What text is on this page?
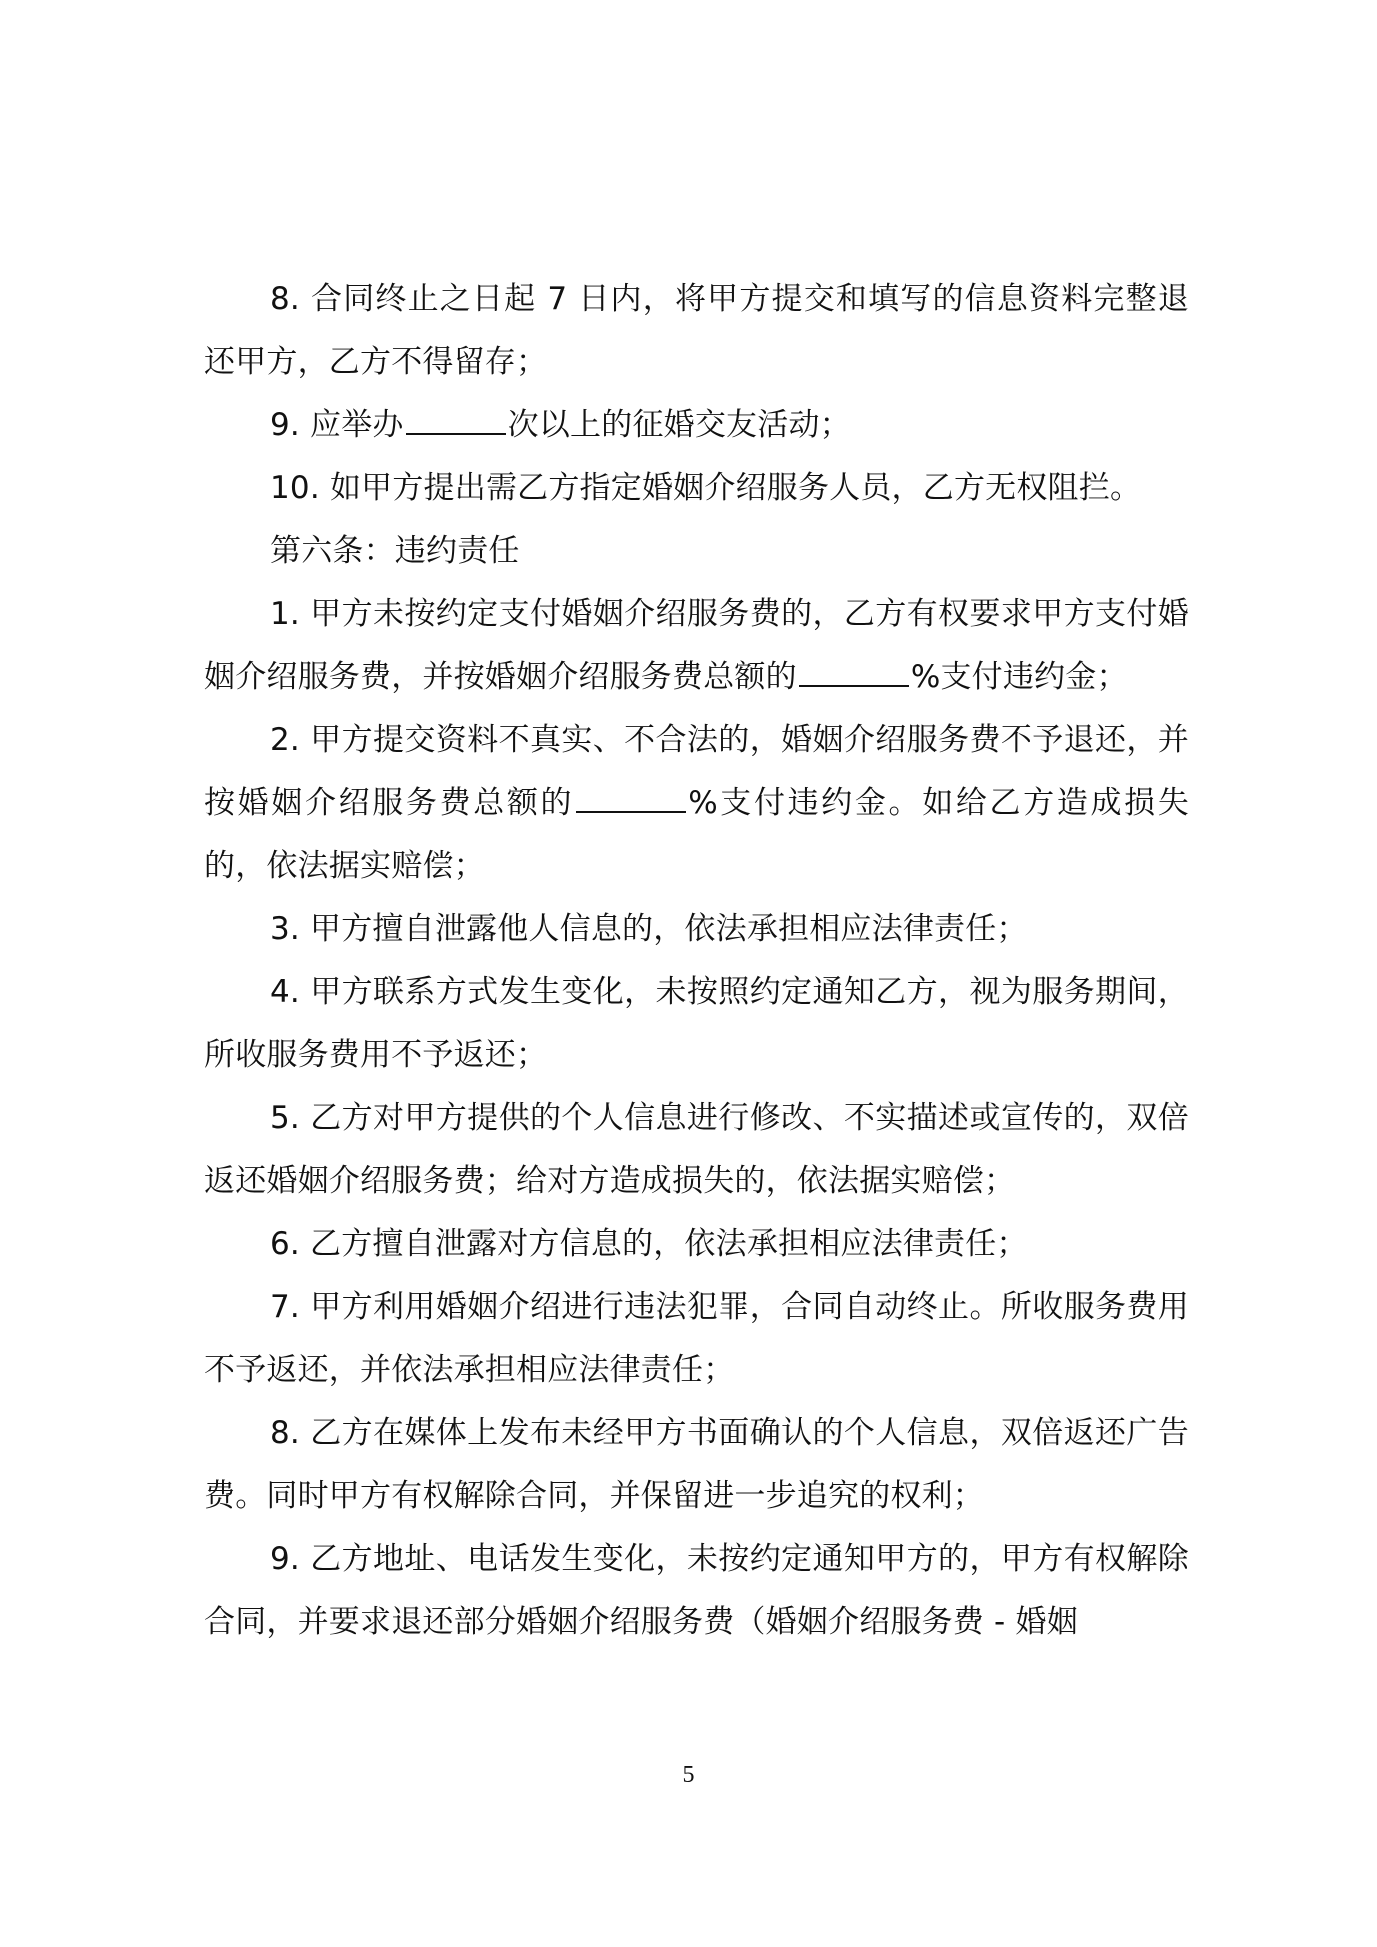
8. 合同终止之日起 7 日内，将甲方提交和填写的信息资料完整退还甲方，乙方不得留存；

9. 应举办	次以上的征婚交友活动；

10. 如甲方提出需乙方指定婚姻介绍服务人员，乙方无权阻拦。

第六条：违约责任

1. 甲方未按约定支付婚姻介绍服务费的，乙方有权要求甲方支付婚姻介绍服务费，并按婚姻介绍服务费总额的	%支付违约金；

2. 甲方提交资料不真实、不合法的，婚姻介绍服务费不予退还，并按婚姻介绍服务费总额的	%支付违约金。如给乙方造成损失的，依法据实赔偿；

3. 甲方擅自泄露他人信息的，依法承担相应法律责任；

4. 甲方联系方式发生变化，未按照约定通知乙方，视为服务期间，所收服务费用不予返还；

5. 乙方对甲方提供的个人信息进行修改、不实描述或宣传的，双倍返还婚姻介绍服务费；给对方造成损失的，依法据实赔偿；

6. 乙方擅自泄露对方信息的，依法承担相应法律责任；

7. 甲方利用婚姻介绍进行违法犯罪，合同自动终止。所收服务费用不予返还，并依法承担相应法律责任；

8. 乙方在媒体上发布未经甲方书面确认的个人信息，双倍返还广告费。同时甲方有权解除合同，并保留进一步追究的权利；

9. 乙方地址、电话发生变化，未按约定通知甲方的，甲方有权解除合同，并要求退还部分婚姻介绍服务费（婚姻介绍服务费 - 婚姻

5
